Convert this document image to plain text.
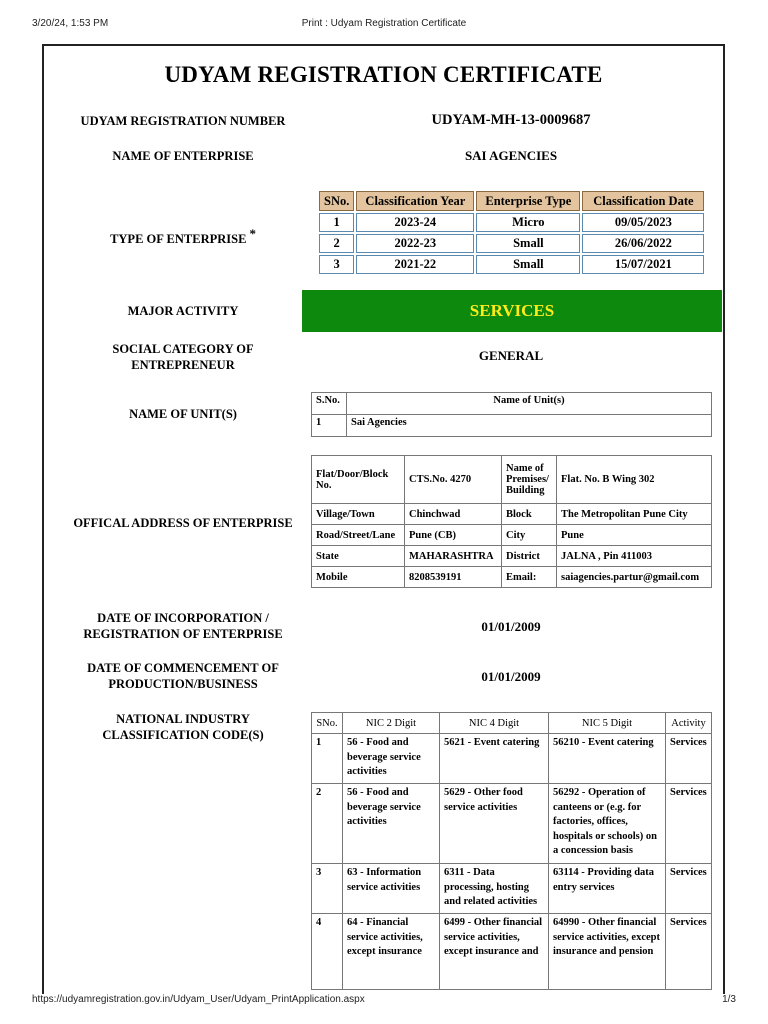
3/20/24, 1:53 PM	Print : Udyam Registration Certificate
UDYAM REGISTRATION CERTIFICATE
UDYAM REGISTRATION NUMBER	UDYAM-MH-13-0009687
NAME OF ENTERPRISE	SAI AGENCIES
TYPE OF ENTERPRISE *
SNo.	Classification Year	Enterprise Type	Classification Date
1	2023-24	Micro	09/05/2023
2	2022-23	Small	26/06/2022
3	2021-22	Small	15/07/2021
MAJOR ACTIVITY	SERVICES
SOCIAL CATEGORY OF ENTREPRENEUR
GENERAL
NAME OF UNIT(S)
S.No.	Name of Unit(s)
1	Sai Agencies
OFFICAL ADDRESS OF ENTERPRISE
Flat/Door/Block No.	CTS.No. 4270	Name of Premises/ Building	Flat. No. B Wing 302
Village/Town	Chinchwad	Block	The Metropolitan Pune City
Road/Street/Lane	Pune (CB)	City	Pune
State	MAHARASHTRA	District	JALNA , Pin 411003
Mobile	8208539191	Email:	saiagencies.partur@gmail.com
DATE OF INCORPORATION / REGISTRATION OF ENTERPRISE	01/01/2009
DATE OF COMMENCEMENT OF PRODUCTION/BUSINESS	01/01/2009
NATIONAL INDUSTRY CLASSIFICATION CODE(S)
SNo.	NIC 2 Digit	NIC 4 Digit	NIC 5 Digit	Activity
1	56 - Food and beverage service activities	5621 - Event catering	56210 - Event catering	Services
2	56 - Food and beverage service activities	5629 - Other food service activities	56292 - Operation of canteens or (e.g. for factories, offices, hospitals or schools) on a concession basis	Services
3	63 - Information service activities	6311 - Data processing, hosting and related activities	63114 - Providing data entry services	Services
4	64 - Financial service activities, except insurance	6499 - Other financial service activities, except insurance and	64990 - Other financial service activities, except insurance and pension	Services
https://udyamregistration.gov.in/Udyam_User/Udyam_PrintApplication.aspx	1/3
